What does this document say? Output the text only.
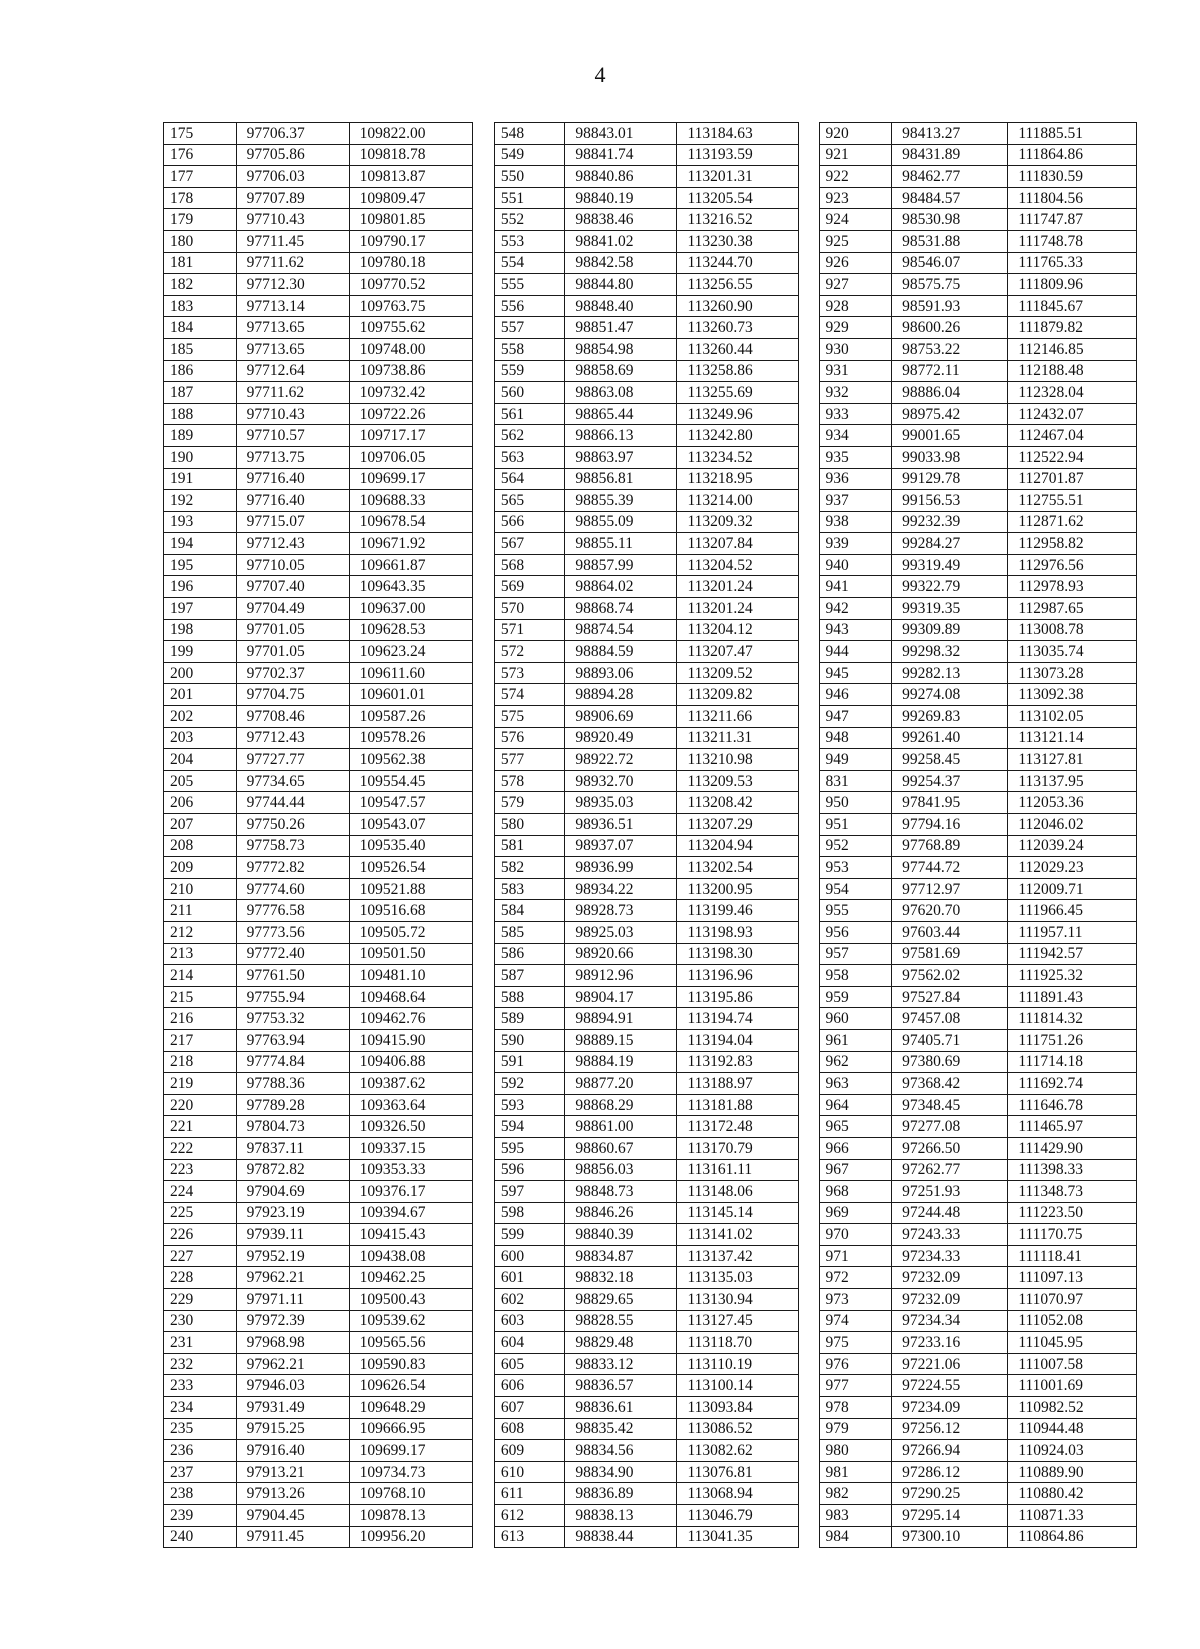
4
175	97706.37	109822.00		548	98843.01	113184.63		920	98413.27	111885.51
176	97705.86	109818.78		549	98841.74	113193.59		921	98431.89	111864.86
177	97706.03	109813.87		550	98840.86	113201.31		922	98462.77	111830.59
178	97707.89	109809.47		551	98840.19	113205.54		923	98484.57	111804.56
179	97710.43	109801.85		552	98838.46	113216.52		924	98530.98	111747.87
180	97711.45	109790.17		553	98841.02	113230.38		925	98531.88	111748.78
181	97711.62	109780.18		554	98842.58	113244.70		926	98546.07	111765.33
182	97712.30	109770.52		555	98844.80	113256.55		927	98575.75	111809.96
183	97713.14	109763.75		556	98848.40	113260.90		928	98591.93	111845.67
184	97713.65	109755.62		557	98851.47	113260.73		929	98600.26	111879.82
185	97713.65	109748.00		558	98854.98	113260.44		930	98753.22	112146.85
186	97712.64	109738.86		559	98858.69	113258.86		931	98772.11	112188.48
187	97711.62	109732.42		560	98863.08	113255.69		932	98886.04	112328.04
188	97710.43	109722.26		561	98865.44	113249.96		933	98975.42	112432.07
189	97710.57	109717.17		562	98866.13	113242.80		934	99001.65	112467.04
190	97713.75	109706.05		563	98863.97	113234.52		935	99033.98	112522.94
191	97716.40	109699.17		564	98856.81	113218.95		936	99129.78	112701.87
192	97716.40	109688.33		565	98855.39	113214.00		937	99156.53	112755.51
193	97715.07	109678.54		566	98855.09	113209.32		938	99232.39	112871.62
194	97712.43	109671.92		567	98855.11	113207.84		939	99284.27	112958.82
195	97710.05	109661.87		568	98857.99	113204.52		940	99319.49	112976.56
196	97707.40	109643.35		569	98864.02	113201.24		941	99322.79	112978.93
197	97704.49	109637.00		570	98868.74	113201.24		942	99319.35	112987.65
198	97701.05	109628.53		571	98874.54	113204.12		943	99309.89	113008.78
199	97701.05	109623.24		572	98884.59	113207.47		944	99298.32	113035.74
200	97702.37	109611.60		573	98893.06	113209.52		945	99282.13	113073.28
201	97704.75	109601.01		574	98894.28	113209.82		946	99274.08	113092.38
202	97708.46	109587.26		575	98906.69	113211.66		947	99269.83	113102.05
203	97712.43	109578.26		576	98920.49	113211.31		948	99261.40	113121.14
204	97727.77	109562.38		577	98922.72	113210.98		949	99258.45	113127.81
205	97734.65	109554.45		578	98932.70	113209.53		831	99254.37	113137.95
206	97744.44	109547.57		579	98935.03	113208.42		950	97841.95	112053.36
207	97750.26	109543.07		580	98936.51	113207.29		951	97794.16	112046.02
208	97758.73	109535.40		581	98937.07	113204.94		952	97768.89	112039.24
209	97772.82	109526.54		582	98936.99	113202.54		953	97744.72	112029.23
210	97774.60	109521.88		583	98934.22	113200.95		954	97712.97	112009.71
211	97776.58	109516.68		584	98928.73	113199.46		955	97620.70	111966.45
212	97773.56	109505.72		585	98925.03	113198.93		956	97603.44	111957.11
213	97772.40	109501.50		586	98920.66	113198.30		957	97581.69	111942.57
214	97761.50	109481.10		587	98912.96	113196.96		958	97562.02	111925.32
215	97755.94	109468.64		588	98904.17	113195.86		959	97527.84	111891.43
216	97753.32	109462.76		589	98894.91	113194.74		960	97457.08	111814.32
217	97763.94	109415.90		590	98889.15	113194.04		961	97405.71	111751.26
218	97774.84	109406.88		591	98884.19	113192.83		962	97380.69	111714.18
219	97788.36	109387.62		592	98877.20	113188.97		963	97368.42	111692.74
220	97789.28	109363.64		593	98868.29	113181.88		964	97348.45	111646.78
221	97804.73	109326.50		594	98861.00	113172.48		965	97277.08	111465.97
222	97837.11	109337.15		595	98860.67	113170.79		966	97266.50	111429.90
223	97872.82	109353.33		596	98856.03	113161.11		967	97262.77	111398.33
224	97904.69	109376.17		597	98848.73	113148.06		968	97251.93	111348.73
225	97923.19	109394.67		598	98846.26	113145.14		969	97244.48	111223.50
226	97939.11	109415.43		599	98840.39	113141.02		970	97243.33	111170.75
227	97952.19	109438.08		600	98834.87	113137.42		971	97234.33	111118.41
228	97962.21	109462.25		601	98832.18	113135.03		972	97232.09	111097.13
229	97971.11	109500.43		602	98829.65	113130.94		973	97232.09	111070.97
230	97972.39	109539.62		603	98828.55	113127.45		974	97234.34	111052.08
231	97968.98	109565.56		604	98829.48	113118.70		975	97233.16	111045.95
232	97962.21	109590.83		605	98833.12	113110.19		976	97221.06	111007.58
233	97946.03	109626.54		606	98836.57	113100.14		977	97224.55	111001.69
234	97931.49	109648.29		607	98836.61	113093.84		978	97234.09	110982.52
235	97915.25	109666.95		608	98835.42	113086.52		979	97256.12	110944.48
236	97916.40	109699.17		609	98834.56	113082.62		980	97266.94	110924.03
237	97913.21	109734.73		610	98834.90	113076.81		981	97286.12	110889.90
238	97913.26	109768.10		611	98836.89	113068.94		982	97290.25	110880.42
239	97904.45	109878.13		612	98838.13	113046.79		983	97295.14	110871.33
240	97911.45	109956.20		613	98838.44	113041.35		984	97300.10	110864.86
